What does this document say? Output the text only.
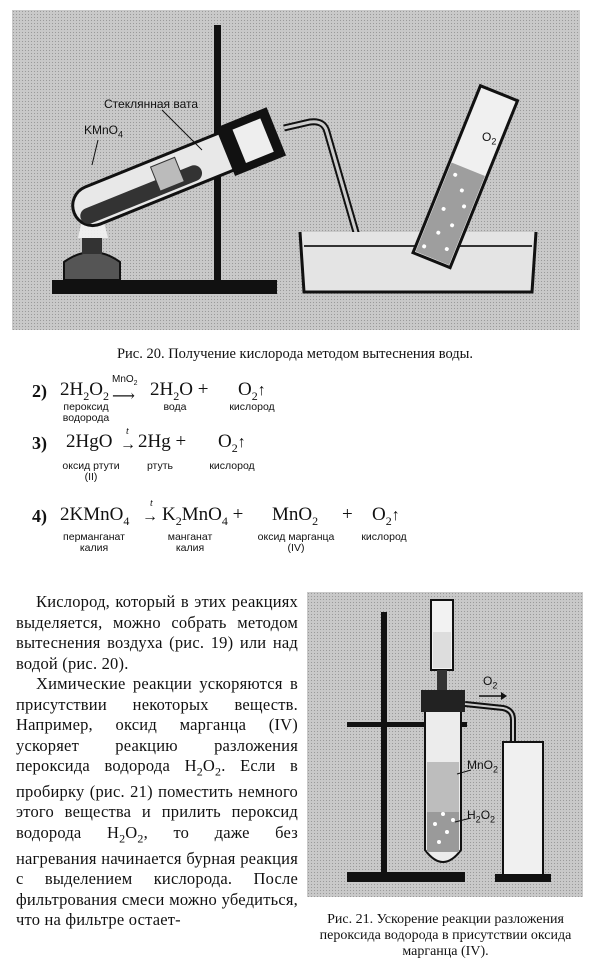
Стеклянная вата
KMnO$_4$	$O_2$
Рис. 20. Получение кислорода методом вытеснения воды.
2) $2H_2O_2$
MnO$_2$
⟶ $2H_2O$ + $O_2↑$
пероксид водорода
вода	кислород
3) 2HgO t
→ $2Hg + O_2↑$
оксид ртути (II)
ртуть	кислород
4) 2KMnO$_4$
t
→ $K_2MnO_4 + MnO_2$ + $O_2↑$
перманганат калия
манганат калия
оксид марганца (IV)
кислород

Кислород, который в этих реакциях выделяется, можно собрать методом вытеснения воздуха (рис. 19) или над водой (рис. 20).

Химические реакции ускоряются в присутствии некоторых веществ. Например, оксид марганца (IV) ускоряет реакцию разложения пероксида водорода $H_2O_2$. Если в пробирку (рис. 21) поместить немного этого вещества и прилить пероксид водорода $H_2O_2$, то даже без нагревания начинается бурная реакция с выделением кислорода. После фильтрования смеси можно убедиться, что на фильтре остает-

$O_2$
MnO$_2$
$H_2O_2$
Рис. 21. Ускорение реакции разложения пероксида водорода в присутствии оксида марганца (IV).
